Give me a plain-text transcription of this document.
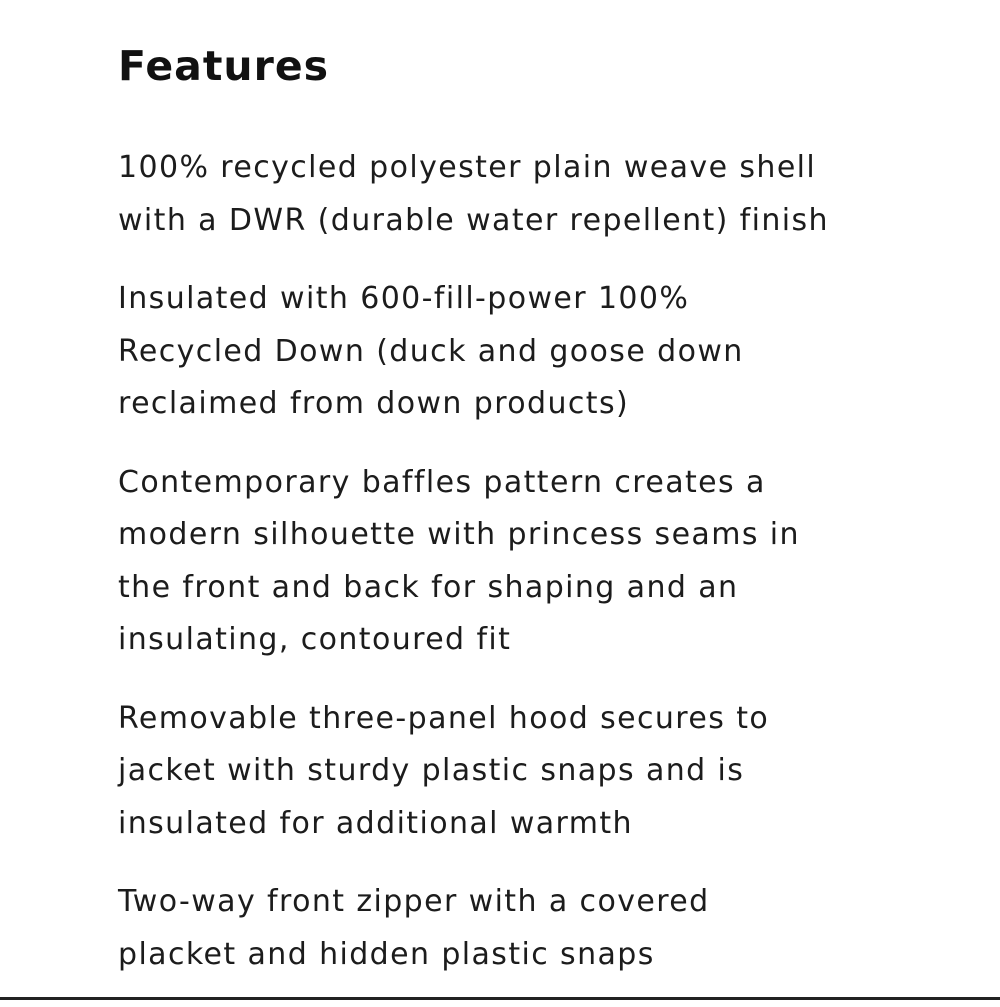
Features
100% recycled polyester plain weave shell
with a DWR (durable water repellent) finish
Insulated with 600-fill-power 100%
Recycled Down (duck and goose down
reclaimed from down products)
Contemporary baffles pattern creates a
modern silhouette with princess seams in
the front and back for shaping and an
insulating, contoured fit
Removable three-panel hood secures to
jacket with sturdy plastic snaps and is
insulated for additional warmth
Two-way front zipper with a covered
placket and hidden plastic snaps
